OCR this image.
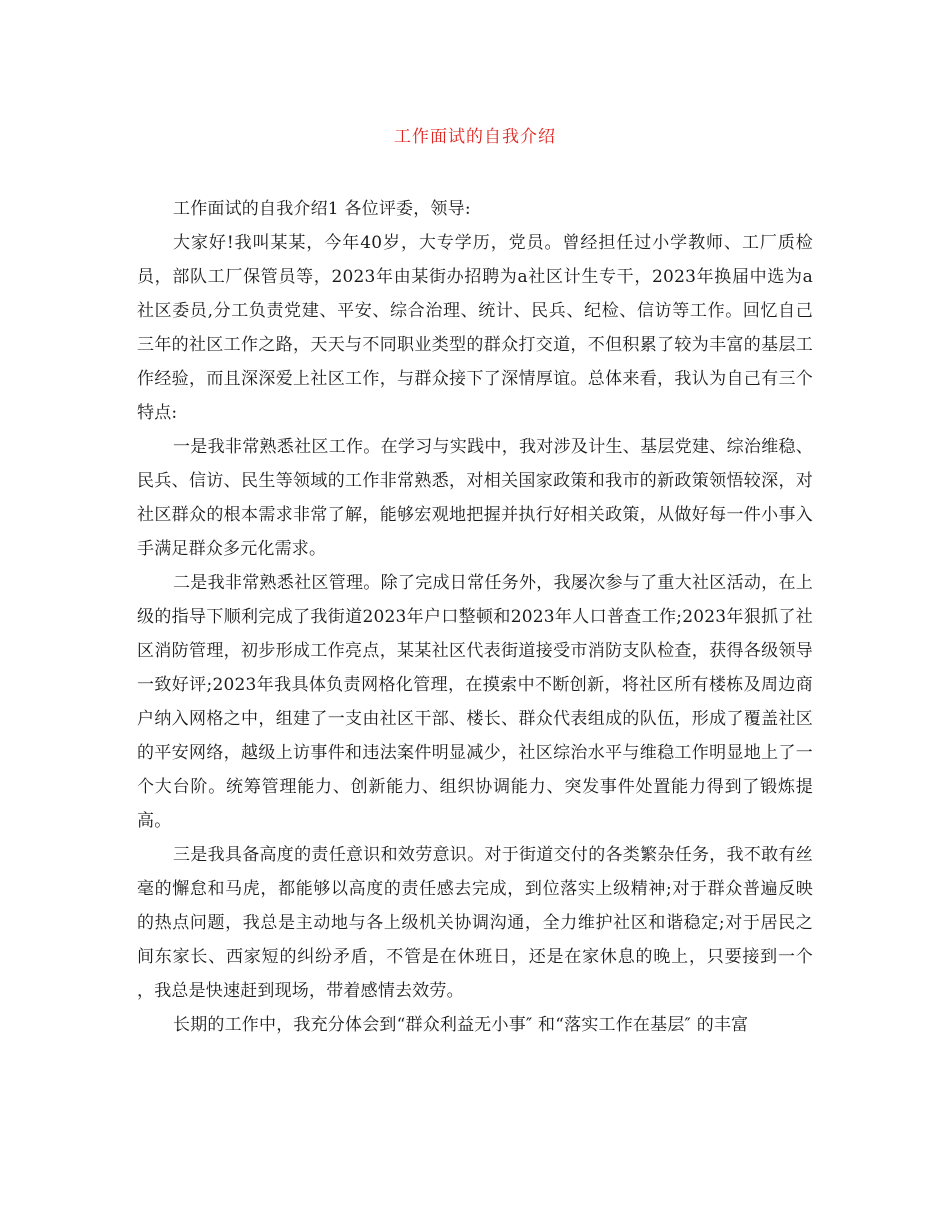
工作面试的自我介绍

工作面试的自我介绍1 各位评委，领导:

大家好!我叫某某，今年40岁，大专学历，党员。曾经担任过小学教师、工厂质检员，部队工厂保管员等，2023年由某街办招聘为a社区计生专干，2023年换届中选为a社区委员,分工负责党建、平安、综合治理、统计、民兵、纪检、信访等工作。回忆自己三年的社区工作之路，天天与不同职业类型的群众打交道，不但积累了较为丰富的基层工作经验，而且深深爱上社区工作，与群众接下了深情厚谊。总体来看，我认为自己有三个特点:

一是我非常熟悉社区工作。在学习与实践中，我对涉及计生、基层党建、综治维稳、民兵、信访、民生等领域的工作非常熟悉，对相关国家政策和我市的新政策领悟较深，对社区群众的根本需求非常了解，能够宏观地把握并执行好相关政策，从做好每一件小事入手满足群众多元化需求。

二是我非常熟悉社区管理。除了完成日常任务外，我屡次参与了重大社区活动，在上级的指导下顺利完成了我街道2023年户口整顿和2023年人口普查工作;2023年狠抓了社区消防管理，初步形成工作亮点，某某社区代表街道接受市消防支队检查，获得各级领导一致好评;2023年我具体负责网格化管理，在摸索中不断创新，将社区所有楼栋及周边商户纳入网格之中，组建了一支由社区干部、楼长、群众代表组成的队伍，形成了覆盖社区的平安网络，越级上访事件和违法案件明显减少，社区综治水平与维稳工作明显地上了一个大台阶。统筹管理能力、创新能力、组织协调能力、突发事件处置能力得到了锻炼提高。

三是我具备高度的责任意识和效劳意识。对于街道交付的各类繁杂任务，我不敢有丝毫的懈怠和马虎，都能够以高度的责任感去完成，到位落实上级精神;对于群众普遍反映的热点问题，我总是主动地与各上级机关协调沟通，全力维护社区和谐稳定;对于居民之间东家长、西家短的纠纷矛盾，不管是在休班日，还是在家休息的晚上，只要接到一个 ，我总是快速赶到现场，带着感情去效劳。

长期的工作中，我充分体会到“群众利益无小事″ 和“落实工作在基层″ 的丰富
